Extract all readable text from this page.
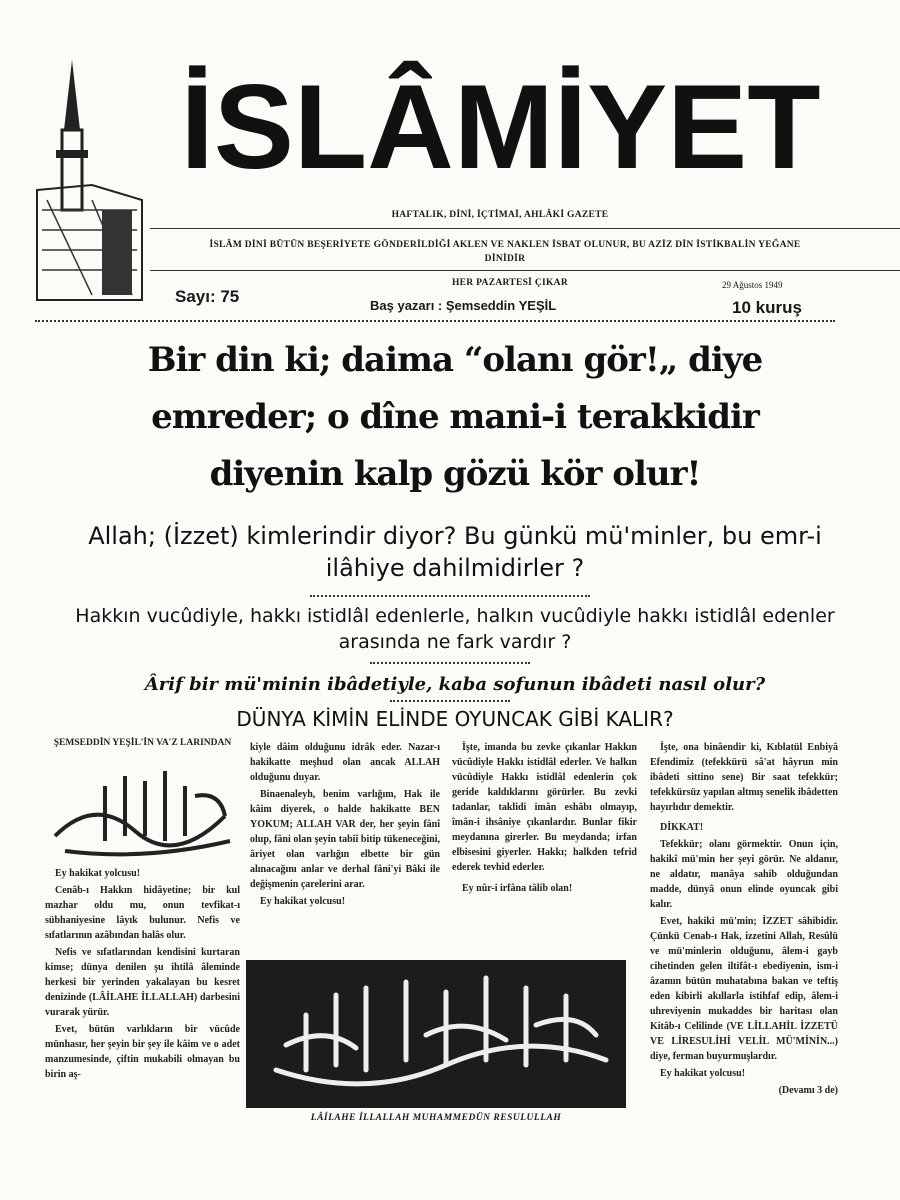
İSLÂMİYET
HAFTALIK, DİNİ, İÇTİMAİ, AHLÂKİ GAZETE
İSLÂM DİNİ BÜTÜN BEŞERİYETE GÖNDERİLDİĞİ AKLEN VE NAKLEN İSBAT OLUNUR, BU AZİZ DİN İSTİKBALİN YEĞANE DİNİDİR
HER PAZARTESİ ÇIKAR
Sayı: 75	Baş yazarı : Şemseddin YEŞİL
29 Ağustos 1949
10 kuruş
Bir din ki; daima “olanı gör!„ diye
emreder; o dîne mani-i terakkidir
diyenin kalp gözü kör olur!
Allah; (İzzet) kimlerindir diyor? Bu günkü mü'minler, bu emr-i ilâhiye dahilmidirler ?
Hakkın vucûdiyle, hakkı istidlâl edenlerle, halkın vucûdiyle hakkı istidlâl edenler arasında ne fark vardır ?
Ârif bir mü'minin ibâdetiyle, kaba sofunun ibâdeti nasıl olur?
DÜNYA KİMİN ELİNDE OYUNCAK GİBİ KALIR?
ŞEMSEDDİN YEŞİL'İN VA'Z LARINDAN

Ey hakikat yolcusu!

Cenâb-ı Hakkın hidâyetine; bir kul mazhar oldu mu, onun tevfikat-ı sübhaniyesine lâyık bulunur. Nefis ve sıfatlarının azâbından halâs olur.

Nefis ve sıfatlarından kendisini kurtaran kimse; dünya denilen şu ihtilâ âleminde herkesi bir yerinden yakalayan bu kesret denizinde (LÂİLAHE İLLALLAH) darbesini vurarak yürür.

Evet, bütün varlıkların bir vücûde münhasır, her şeyin bir şey ile kâim ve o adet manzumesinde, çiftin mukabili olmayan bu birin aş-

kiyle dâim olduğunu idrâk eder. Nazar-ı hakikatte meşhud olan ancak ALLAH olduğunu duyar.

Binaenaleyh, benim varlığım, Hak ile kâim diyerek, o halde hakikatte BEN YOKUM; ALLAH VAR der, her şeyin fânî olup, fâni olan şeyin tabiî bitip tükeneceğini, âriyet olan varlığın elbette bir gün alınacağını anlar ve derhal fâni'yi Bâki ile değişmenin çarelerini arar.

Ey hakikat yolcusu!

İşte, imanda bu zevke çıkanlar Hakkın vücûdiyle Hakkı istidlâl ederler. Ve halkın vücûdiyle Hakkı istidlâl edenlerin çok geride kaldıklarını görürler. Bu zevki tadanlar, taklidi imân eshâbı olmayıp, îmân-i ihsâniye çıkanlardır. Bunlar fikir meydanına girerler. Bu meydanda; irfan elbisesini giyerler. Hakkı; halkden tefrid ederek tevhid ederler.

Ey nûr-i irfâna tâlib olan!

İşte, ona binâendir ki, Kıblatül Enbiyâ Efendimiz (tefekkürü sâ'at hâyrun min ibâdeti sittino sene) Bir saat tefekkür; tefekkürsüz yapılan altmış senelik ibâdetten hayırlıdır demektir.

DİKKAT!

Tefekkür; olanı görmektir. Onun için, hakikî mü'min her şeyi görür. Ne aldanır, ne aldatır, manâya sahib olduğundan madde, dünyâ onun elinde oyuncak gibi kalır.

Evet, hakiki mü'min; İZZET sâhibidir. Çünkü Cenab-ı Hak, izzetini Allah, Resûlü ve mü'minlerin olduğunu, âlem-i gayb cihetinden gelen iltifât-ı ebediyenin, ism-i âzamın bütün muhatabına bakan ve teftiş eden kibirli akıllarla istihfaf edip, âlem-i uhreviyenin mukaddes bir haritası olan Kitâb-ı Celîlinde (VE LİLLAHİL İZZETÜ VE LİRESULİHİ VELİL MÜ'MİNİN...) diye, ferman buyurmuşlardır.

Ey hakikat yolcusu!

(Devamı 3 de)

LÂİLAHE İLLALLAH MUHAMMEDÜN RESULULLAH
